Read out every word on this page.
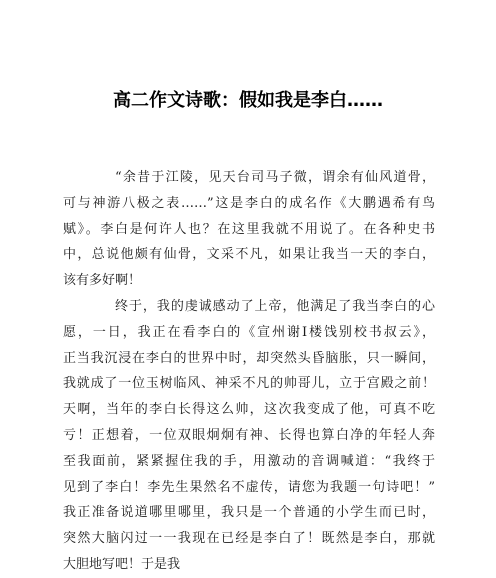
高二作文诗歌：假如我是李白……
“余昔于江陵，见天台司马子微，谓余有仙风道骨，
可与神游八极之表……”这是李白的成名作《大鹏遇希有鸟
赋》。李白是何许人也？在这里我就不用说了。在各种史书
中，总说他颇有仙骨，文采不凡，如果让我当一天的李白，
该有多好啊！
终于，我的虔诚感动了上帝，他满足了我当李白的心
愿，一日，我正在看李白的《宣州谢Ⅰ楼饯别校书叔云》，
正当我沉浸在李白的世界中时，却突然头昏脑胀，只一瞬间，
我就成了一位玉树临风、神采不凡的帅哥儿，立于宫殿之前！
天啊，当年的李白长得这么帅，这次我变成了他，可真不吃
亏！正想着，一位双眼炯炯有神、长得也算白净的年轻人奔
至我面前，紧紧握住我的手，用激动的音调喊道：“我终于
见到了李白！李先生果然名不虚传，请您为我题一句诗吧！”
我正准备说道哪里哪里，我只是一个普通的小学生而已时，
突然大脑闪过一一我现在已经是李白了！既然是李白，那就
大胆地写吧！于是我
